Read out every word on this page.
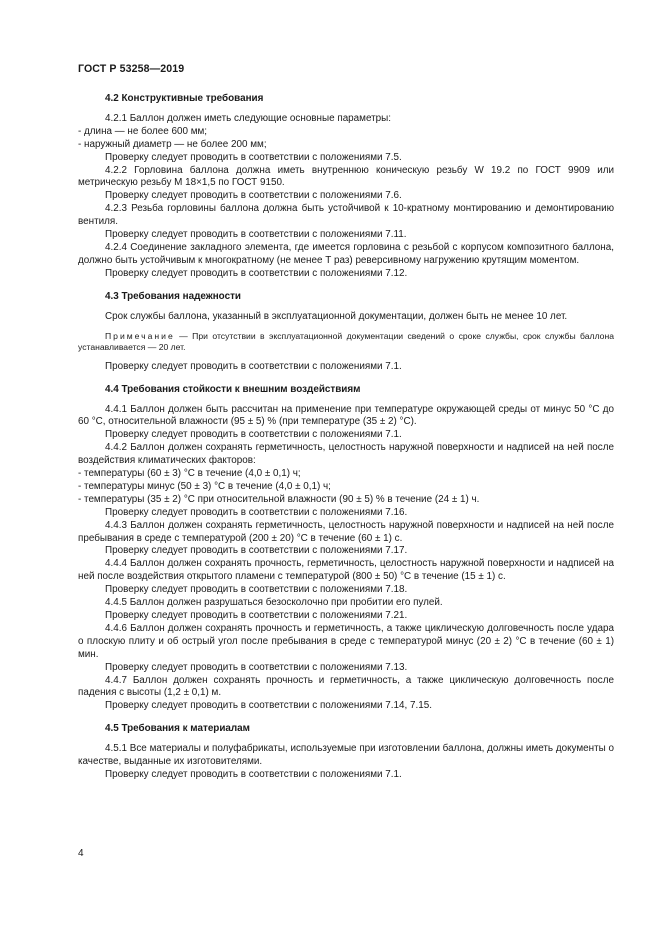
ГОСТ Р 53258—2019

4.2 Конструктивные требования

4.2.1 Баллон должен иметь следующие основные параметры:

- длина — не более 600 мм;

- наружный диаметр — не более 200 мм;

Проверку следует проводить в соответствии с положениями 7.5.

4.2.2 Горловина баллона должна иметь внутреннюю коническую резьбу W 19.2 по ГОСТ 9909 или метрическую резьбу М 18×1,5 по ГОСТ 9150.

Проверку следует проводить в соответствии с положениями 7.6.

4.2.3 Резьба горловины баллона должна быть устойчивой к 10-кратному монтированию и демонтированию вентиля.

Проверку следует проводить в соответствии с положениями 7.11.

4.2.4 Соединение закладного элемента, где имеется горловина с резьбой с корпусом композитного баллона, должно быть устойчивым к многократному (не менее Т раз) реверсивному нагружению крутящим моментом.

Проверку следует проводить в соответствии с положениями 7.12.

4.3 Требования надежности

Срок службы баллона, указанный в эксплуатационной документации, должен быть не менее 10 лет.

Примечание — При отсутствии в эксплуатационной документации сведений о сроке службы, срок службы баллона устанавливается — 20 лет.

Проверку следует проводить в соответствии с положениями 7.1.

4.4 Требования стойкости к внешним воздействиям

4.4.1 Баллон должен быть рассчитан на применение при температуре окружающей среды от минус 50 °С до 60 °С, относительной влажности (95 ± 5) % (при температуре (35 ± 2) °С).

Проверку следует проводить в соответствии с положениями 7.1.

4.4.2 Баллон должен сохранять герметичность, целостность наружной поверхности и надписей на ней после воздействия климатических факторов:

- температуры (60 ± 3) °С в течение (4,0 ± 0,1) ч;

- температуры минус (50 ± 3) °С в течение (4,0 ± 0,1) ч;

- температуры (35 ± 2) °С при относительной влажности (90 ± 5) % в течение (24 ± 1) ч.

Проверку следует проводить в соответствии с положениями 7.16.

4.4.3 Баллон должен сохранять герметичность, целостность наружной поверхности и надписей на ней после пребывания в среде с температурой (200 ± 20) °С в течение (60 ± 1) с.

Проверку следует проводить в соответствии с положениями 7.17.

4.4.4 Баллон должен сохранять прочность, герметичность, целостность наружной поверхности и надписей на ней после воздействия открытого пламени с температурой (800 ± 50) °С в течение (15 ± 1) с.

Проверку следует проводить в соответствии с положениями 7.18.

4.4.5 Баллон должен разрушаться безосколочно при пробитии его пулей.

Проверку следует проводить в соответствии с положениями 7.21.

4.4.6 Баллон должен сохранять прочность и герметичность, а также циклическую долговечность после удара о плоскую плиту и об острый угол после пребывания в среде с температурой минус (20 ± 2) °С в течение (60 ± 1) мин.

Проверку следует проводить в соответствии с положениями 7.13.

4.4.7 Баллон должен сохранять прочность и герметичность, а также циклическую долговечность после падения с высоты (1,2 ± 0,1) м.

Проверку следует проводить в соответствии с положениями 7.14, 7.15.

4.5 Требования к материалам

4.5.1 Все материалы и полуфабрикаты, используемые при изготовлении баллона, должны иметь документы о качестве, выданные их изготовителями.

Проверку следует проводить в соответствии с положениями 7.1.

4
